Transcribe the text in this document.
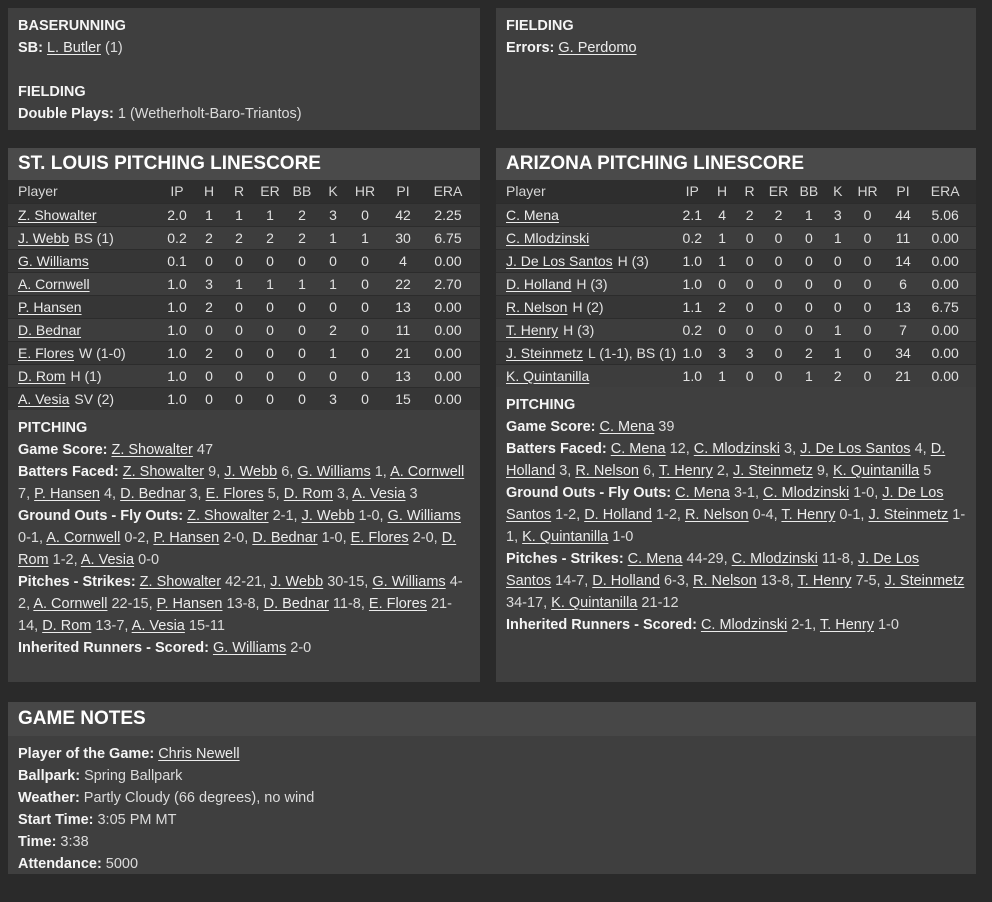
BASERUNNING

SB: L. Butler (1)

FIELDING

Double Plays: 1 (Wetherholt-Baro-Triantos)

FIELDING

Errors: G. Perdomo

ST. LOUIS PITCHING LINESCORE
Player	IP	H	R	ER	BB	K	HR	PI	ERA
Z. Showalter	2.0	1	1	1	2	3	0	42	2.25
J. Webb BS (1)	0.2	2	2	2	2	1	1	30	6.75
G. Williams	0.1	0	0	0	0	0	0	4	0.00
A. Cornwell	1.0	3	1	1	1	1	0	22	2.70
P. Hansen	1.0	2	0	0	0	0	0	13	0.00
D. Bednar	1.0	0	0	0	0	2	0	11	0.00
E. Flores W (1-0)	1.0	2	0	0	0	1	0	21	0.00
D. Rom H (1)	1.0	0	0	0	0	0	0	13	0.00
A. Vesia SV (2)	1.0	0	0	0	0	3	0	15	0.00
PITCHING

Game Score: Z. Showalter 47

Batters Faced: Z. Showalter 9, J. Webb 6, G. Williams 1, A. Cornwell 7, P. Hansen 4, D. Bednar 3, E. Flores 5, D. Rom 3, A. Vesia 3

Ground Outs - Fly Outs: Z. Showalter 2-1, J. Webb 1-0, G. Williams 0-1, A. Cornwell 0-2, P. Hansen 2-0, D. Bednar 1-0, E. Flores 2-0, D. Rom 1-2, A. Vesia 0-0

Pitches - Strikes: Z. Showalter 42-21, J. Webb 30-15, G. Williams 4-2, A. Cornwell 22-15, P. Hansen 13-8, D. Bednar 11-8, E. Flores 21-14, D. Rom 13-7, A. Vesia 15-11

Inherited Runners - Scored: G. Williams 2-0

ARIZONA PITCHING LINESCORE
Player	IP	H	R	ER	BB	K	HR	PI	ERA
C. Mena	2.1	4	2	2	1	3	0	44	5.06
C. Mlodzinski	0.2	1	0	0	0	1	0	11	0.00
J. De Los Santos H (3)	1.0	1	0	0	0	0	0	14	0.00
D. Holland H (3)	1.0	0	0	0	0	0	0	6	0.00
R. Nelson H (2)	1.1	2	0	0	0	0	0	13	6.75
T. Henry H (3)	0.2	0	0	0	0	1	0	7	0.00
J. Steinmetz L (1-1), BS (1)	1.0	3	3	0	2	1	0	34	0.00
K. Quintanilla	1.0	1	0	0	1	2	0	21	0.00
PITCHING

Game Score: C. Mena 39

Batters Faced: C. Mena 12, C. Mlodzinski 3, J. De Los Santos 4, D. Holland 3, R. Nelson 6, T. Henry 2, J. Steinmetz 9, K. Quintanilla 5

Ground Outs - Fly Outs: C. Mena 3-1, C. Mlodzinski 1-0, J. De Los Santos 1-2, D. Holland 1-2, R. Nelson 0-4, T. Henry 0-1, J. Steinmetz 1-1, K. Quintanilla 1-0

Pitches - Strikes: C. Mena 44-29, C. Mlodzinski 11-8, J. De Los Santos 14-7, D. Holland 6-3, R. Nelson 13-8, T. Henry 7-5, J. Steinmetz 34-17, K. Quintanilla 21-12

Inherited Runners - Scored: C. Mlodzinski 2-1, T. Henry 1-0

GAME NOTES

Player of the Game: Chris Newell

Ballpark: Spring Ballpark

Weather: Partly Cloudy (66 degrees), no wind

Start Time: 3:05 PM MT

Time: 3:38

Attendance: 5000
